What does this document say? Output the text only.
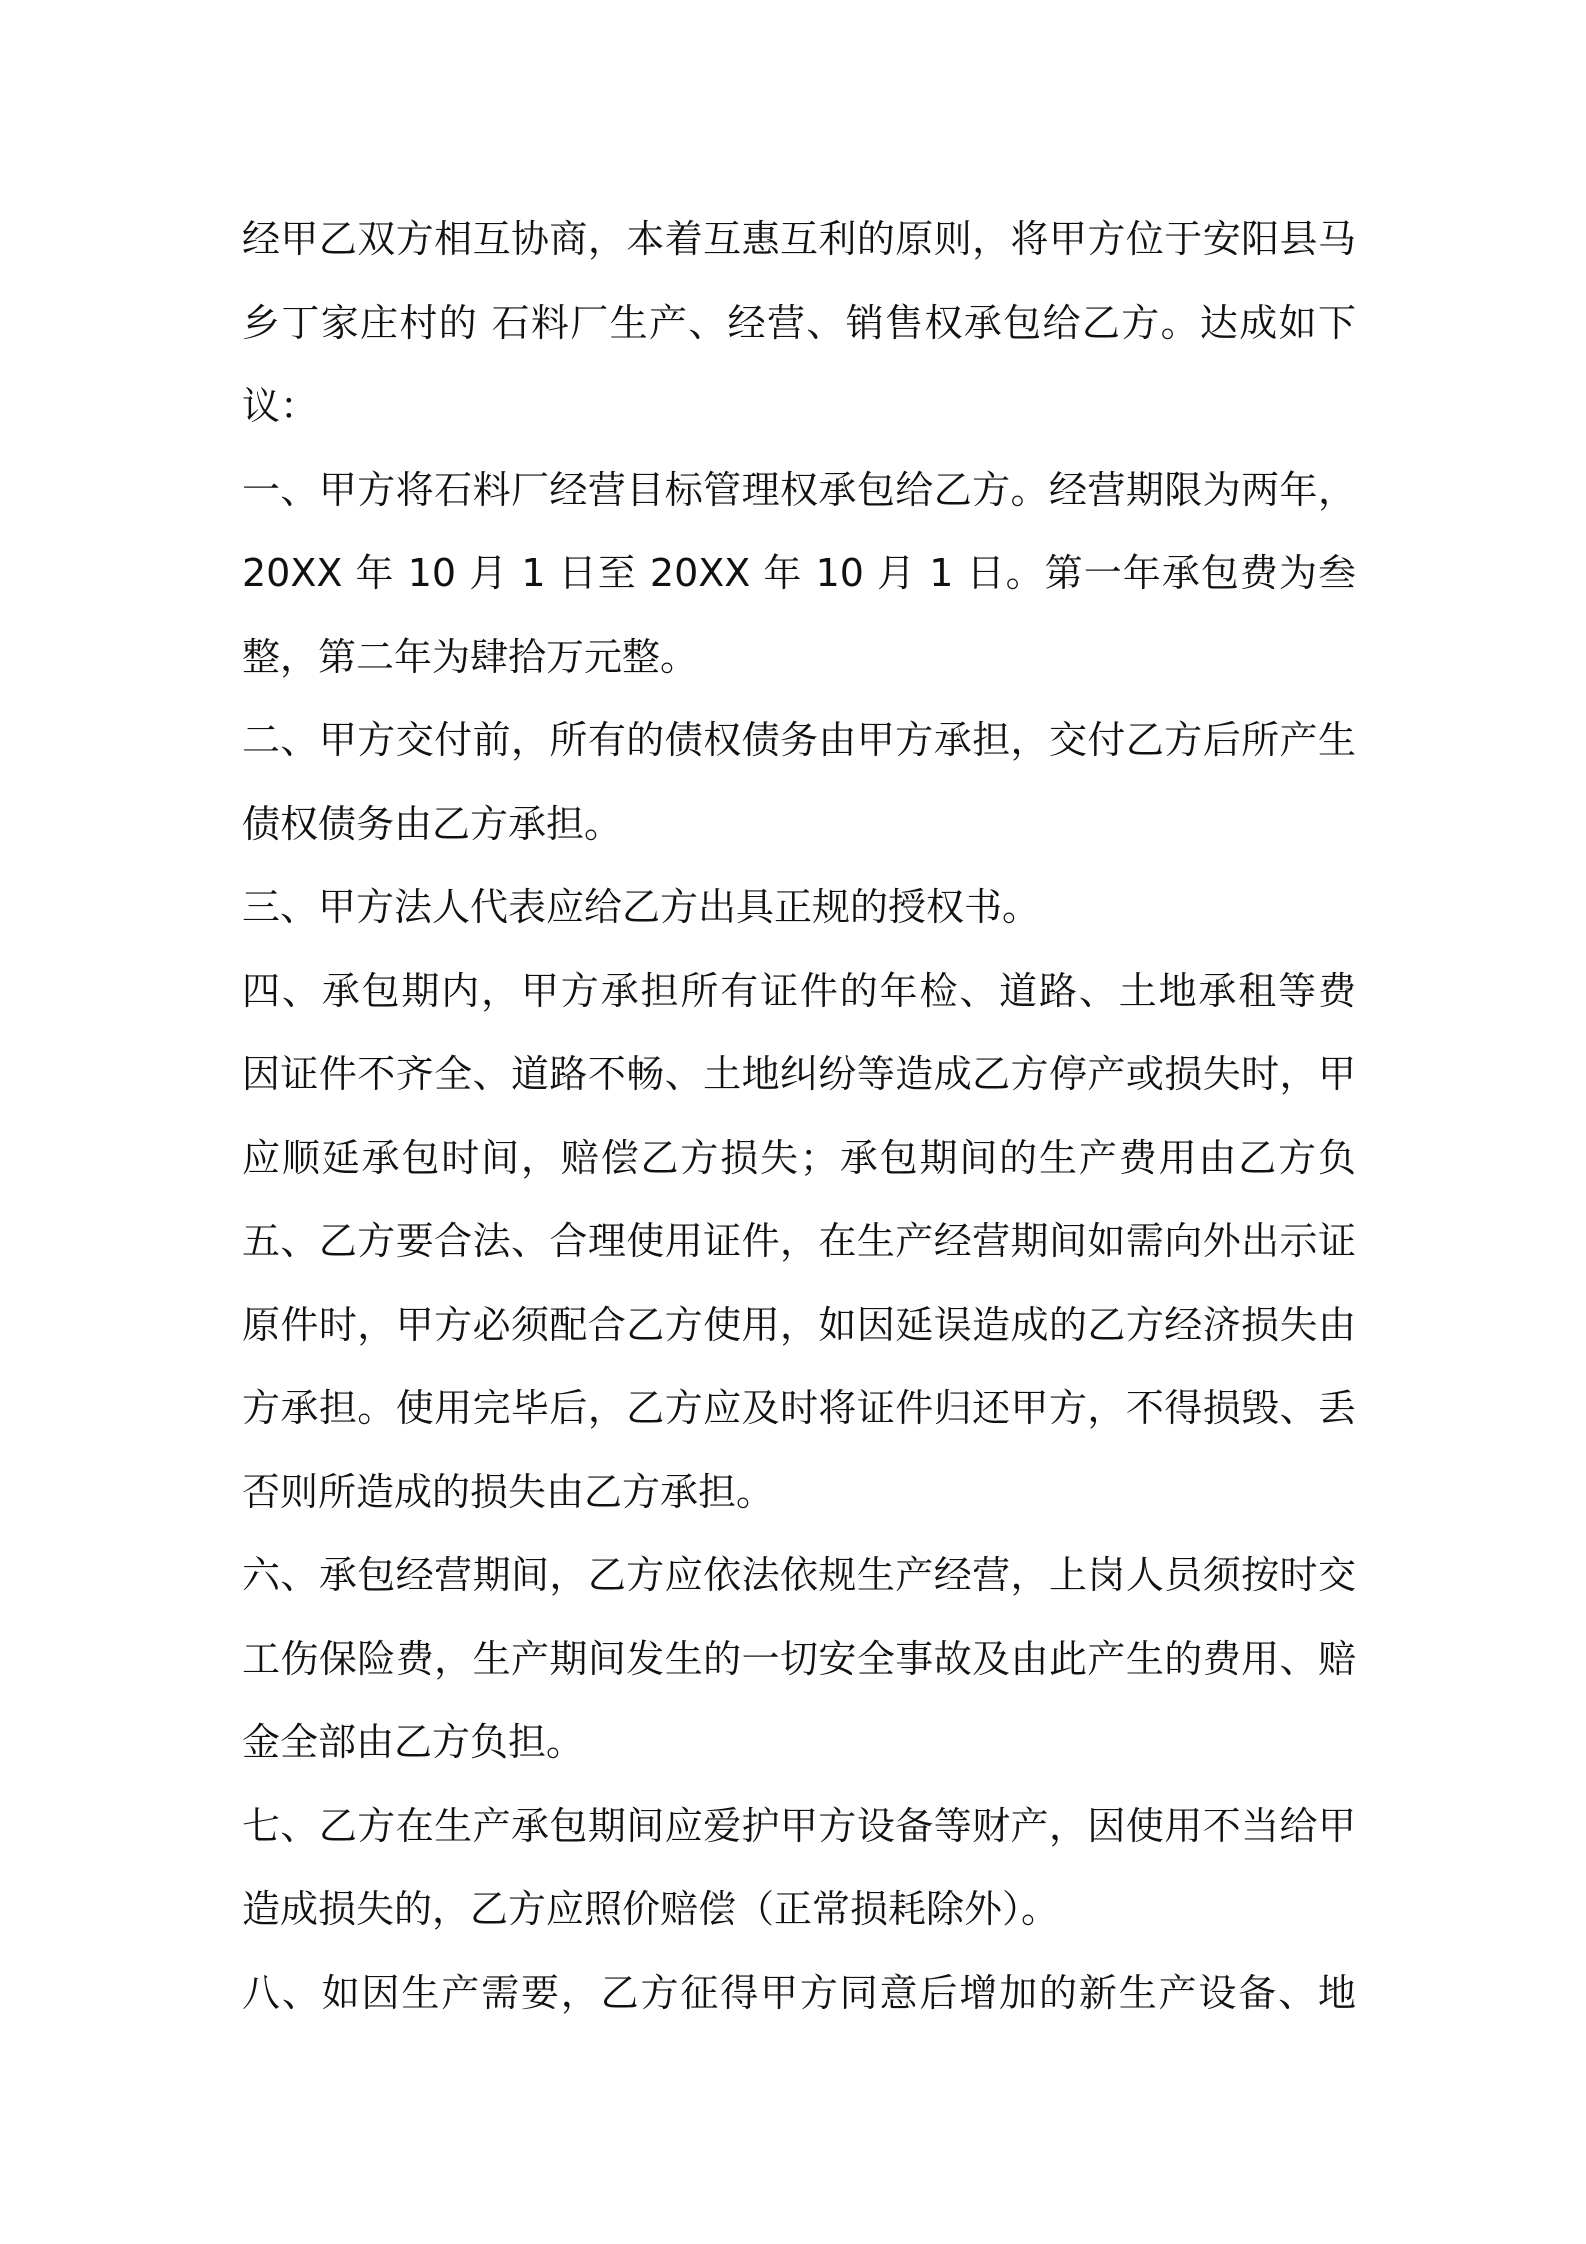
经甲乙双方相互协商，本着互惠互利的原则，将甲方位于安阳县马
乡丁家庄村的 石料厂生产、经营、销售权承包给乙方。达成如下
议：
一、甲方将石料厂经营目标管理权承包给乙方。经营期限为两年，
20XX 年 10 月 1 日至 20XX 年 10 月 1 日。第一年承包费为叁
整，第二年为肆拾万元整。
二、甲方交付前，所有的债权债务由甲方承担，交付乙方后所产生
债权债务由乙方承担。
三、甲方法人代表应给乙方出具正规的授权书。
四、承包期内，甲方承担所有证件的年检、道路、土地承租等费
因证件不齐全、道路不畅、土地纠纷等造成乙方停产或损失时，甲
应顺延承包时间，赔偿乙方损失；承包期间的生产费用由乙方负
五、乙方要合法、合理使用证件，在生产经营期间如需向外出示证
原件时，甲方必须配合乙方使用，如因延误造成的乙方经济损失由
方承担。使用完毕后，乙方应及时将证件归还甲方，不得损毁、丢
否则所造成的损失由乙方承担。
六、承包经营期间，乙方应依法依规生产经营，上岗人员须按时交
工伤保险费，生产期间发生的一切安全事故及由此产生的费用、赔
金全部由乙方负担。
七、乙方在生产承包期间应爱护甲方设备等财产，因使用不当给甲
造成损失的，乙方应照价赔偿（正常损耗除外）。
八、如因生产需要，乙方征得甲方同意后增加的新生产设备、地
